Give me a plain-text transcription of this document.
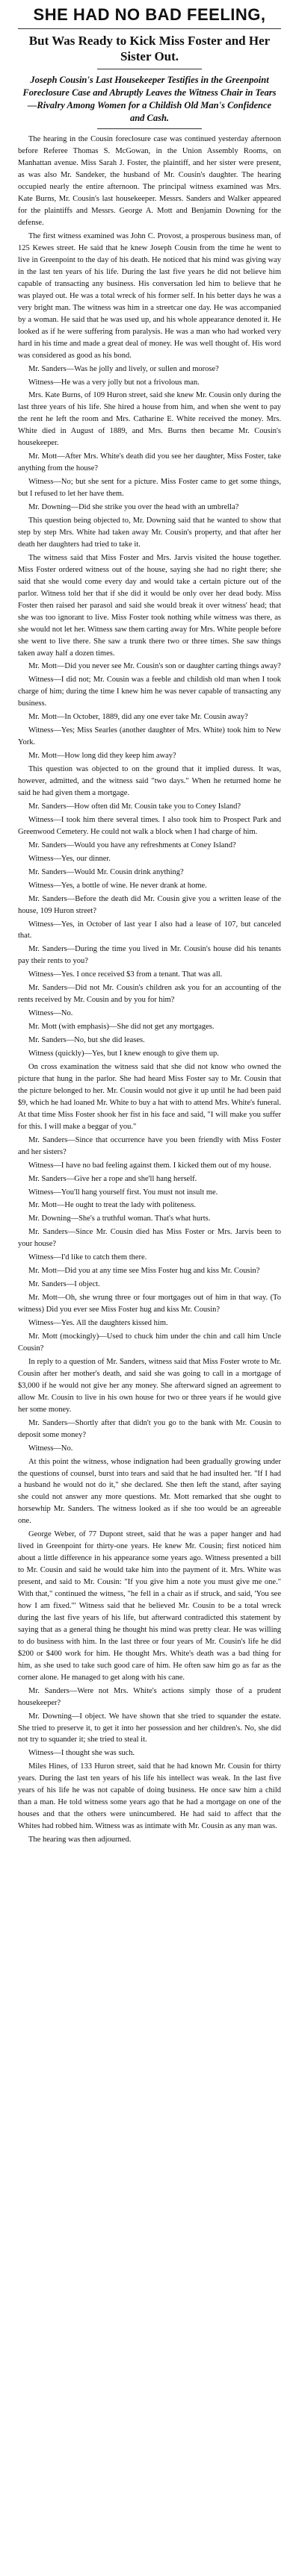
SHE HAD NO BAD FEELING,
But Was Ready to Kick Miss Foster and Her Sister Out.
Joseph Cousin's Last Housekeeper Testifies in the Greenpoint Foreclosure Case and Abruptly Leaves the Witness Chair in Tears—Rivalry Among Women for a Childish Old Man's Confidence and Cash.

The hearing in the Cousin foreclosure case was continued yesterday afternoon before Referee Thomas S. McGowan, in the Union Assembly Rooms, on Manhattan avenue. Miss Sarah J. Foster, the plaintiff, and her sister were present, as was also Mr. Sandeker, the husband of Mr. Cousin's daughter. The hearing occupied nearly the entire afternoon. The principal witness examined was Mrs. Kate Burns, Mr. Cousin's last housekeeper. Messrs. Sanders and Walker appeared for the plaintiffs and Messrs. George A. Mott and Benjamin Downing for the defense.

The first witness examined was John C. Provost, a prosperous business man, of 125 Kewes street. He said that he knew Joseph Cousin from the time he went to live in Greenpoint to the day of his death. He noticed that his mind was giving way in the last ten years of his life. During the last five years he did not believe him capable of transacting any business. His conversation led him to believe that he was played out. He was a total wreck of his former self. In his better days he was a very bright man. The witness was him in a streetcar one day. He was accompanied by a woman. He said that he was used up, and his whole appearance denoted it. He looked as if he were suffering from paralysis. He was a man who had worked very hard in his time and made a great deal of money. He was well thought of. His word was considered as good as his bond.

Mr. Sanders—Was he jolly and lively, or sullen and morose?

Witness—He was a very jolly but not a frivolous man.

Mrs. Kate Burns, of 109 Huron street, said she knew Mr. Cousin only during the last three years of his life. She hired a house from him, and when she went to pay the rent he left the room and Mrs. Catharine E. White received the money. Mrs. White died in August of 1889, and Mrs. Burns then became Mr. Cousin's housekeeper.

Mr. Mott—After Mrs. White's death did you see her daughter, Miss Foster, take anything from the house?

Witness—No; but she sent for a picture. Miss Foster came to get some things, but I refused to let her have them.

Mr. Downing—Did she strike you over the head with an umbrella?

This question being objected to, Mr. Downing said that he wanted to show that step by step Mrs. White had taken away Mr. Cousin's property, and that after her death her daughters had tried to take it.

The witness said that Miss Foster and Mrs. Jarvis visited the house together. Miss Foster ordered witness out of the house, saying she had no right there; she said that she would come every day and would take a certain picture out of the parlor. Witness told her that if she did it would be only over her dead body. Miss Foster then raised her parasol and said she would break it over witness' head; that she was too ignorant to live. Miss Foster took nothing while witness was there, as she would not let her. Witness saw them carting away for Mrs. White people before she went to live there. She saw a trunk there two or three times. She saw things taken away half a dozen times.

Mr. Mott—Did you never see Mr. Cousin's son or daughter carting things away?

Witness—I did not; Mr. Cousin was a feeble and childish old man when I took charge of him; during the time I knew him he was never capable of transacting any business.

Mr. Mott—In October, 1889, did any one ever take Mr. Cousin away?

Witness—Yes; Miss Searles (another daughter of Mrs. White) took him to New York.

Mr. Mott—How long did they keep him away?

This question was objected to on the ground that it implied duress. It was, however, admitted, and the witness said "two days." When he returned home he said he had given them a mortgage.

Mr. Sanders—How often did Mr. Cousin take you to Coney Island?

Witness—I took him there several times. I also took him to Prospect Park and Greenwood Cemetery. He could not walk a block when I had charge of him.

Mr. Sanders—Would you have any refreshments at Coney Island?

Witness—Yes, our dinner.

Mr. Sanders—Would Mr. Cousin drink anything?

Witness—Yes, a bottle of wine. He never drank at home.

Mr. Sanders—Before the death did Mr. Cousin give you a written lease of the house, 109 Huron street?

Witness—Yes, in October of last year I also had a lease of 107, but canceled that.

Mr. Sanders—During the time you lived in Mr. Cousin's house did his tenants pay their rents to you?

Witness—Yes. I once received $3 from a tenant. That was all.

Mr. Sanders—Did not Mr. Cousin's children ask you for an accounting of the rents received by Mr. Cousin and by you for him?

Witness—No.

Mr. Mott (with emphasis)—She did not get any mortgages.

Mr. Sanders—No, but she did leases.

Witness (quickly)—Yes, but I knew enough to give them up.

On cross examination the witness said that she did not know who owned the picture that hung in the parlor. She had heard Miss Foster say to Mr. Cousin that the picture belonged to her. Mr. Cousin would not give it up until he had been paid $9, which he had loaned Mr. White to buy a hat with to attend Mrs. White's funeral. At that time Miss Foster shook her fist in his face and said, "I will make you suffer for this. I will make a beggar of you."

Mr. Sanders—Since that occurrence have you been friendly with Miss Foster and her sisters?

Witness—I have no bad feeling against them. I kicked them out of my house.

Mr. Sanders—Give her a rope and she'll hang herself.

Witness—You'll hang yourself first. You must not insult me.

Mr. Mott—He ought to treat the lady with politeness.

Mr. Downing—She's a truthful woman. That's what hurts.

Mr. Sanders—Since Mr. Cousin died has Miss Foster or Mrs. Jarvis been to your house?

Witness—I'd like to catch them there.

Mr. Mott—Did you at any time see Miss Foster hug and kiss Mr. Cousin?

Mr. Sanders—I object.

Mr. Mott—Oh, she wrung three or four mortgages out of him in that way. (To witness) Did you ever see Miss Foster hug and kiss Mr. Cousin?

Witness—Yes. All the daughters kissed him.

Mr. Mott (mockingly)—Used to chuck him under the chin and call him Uncle Cousin?

In reply to a question of Mr. Sanders, witness said that Miss Foster wrote to Mr. Cousin after her mother's death, and said she was going to call in a mortgage of $3,000 if he would not give her any money. She afterward signed an agreement to allow Mr. Cousin to live in his own house for two or three years if he would give her some money.

Mr. Sanders—Shortly after that didn't you go to the bank with Mr. Cousin to deposit some money?

Witness—No.

At this point the witness, whose indignation had been gradually growing under the questions of counsel, burst into tears and said that he had insulted her. "If I had a husband he would not do it," she declared. She then left the stand, after saying she could not answer any more questions. Mr. Mott remarked that she ought to horsewhip Mr. Sanders. The witness looked as if she too would be an agreeable one.

George Weber, of 77 Dupont street, said that he was a paper hanger and had lived in Greenpoint for thirty-one years. He knew Mr. Cousin; first noticed him about a little difference in his appearance some years ago. Witness presented a bill to Mr. Cousin and said he would take him into the payment of it. Mrs. White was present, and said to Mr. Cousin: "If you give him a note you must give me one." With that," continued the witness, "he fell in a chair as if struck, and said, 'You see how I am fixed.'" Witness said that he believed Mr. Cousin to be a total wreck during the last five years of his life, but afterward contradicted this statement by saying that as a general thing he thought his mind was pretty clear. He was willing to do business with him. In the last three or four years of Mr. Cousin's life he did $200 or $400 work for him. He thought Mrs. White's death was a bad thing for him, as she used to take such good care of him. He often saw him go as far as the corner alone. He managed to get along with his cane.

Mr. Sanders—Were not Mrs. White's actions simply those of a prudent housekeeper?

Mr. Downing—I object. We have shown that she tried to squander the estate. She tried to preserve it, to get it into her possession and her children's. No, she did not try to squander it; she tried to steal it.

Witness—I thought she was such.

Miles Hines, of 133 Huron street, said that he had known Mr. Cousin for thirty years. During the last ten years of his life his intellect was weak. In the last five years of his life he was not capable of doing business. He once saw him a child than a man. He told witness some years ago that he had a mortgage on one of the houses and that the others were unincumbered. He had said to affect that the Whites had robbed him. Witness was as intimate with Mr. Cousin as any man was.

The hearing was then adjourned.
